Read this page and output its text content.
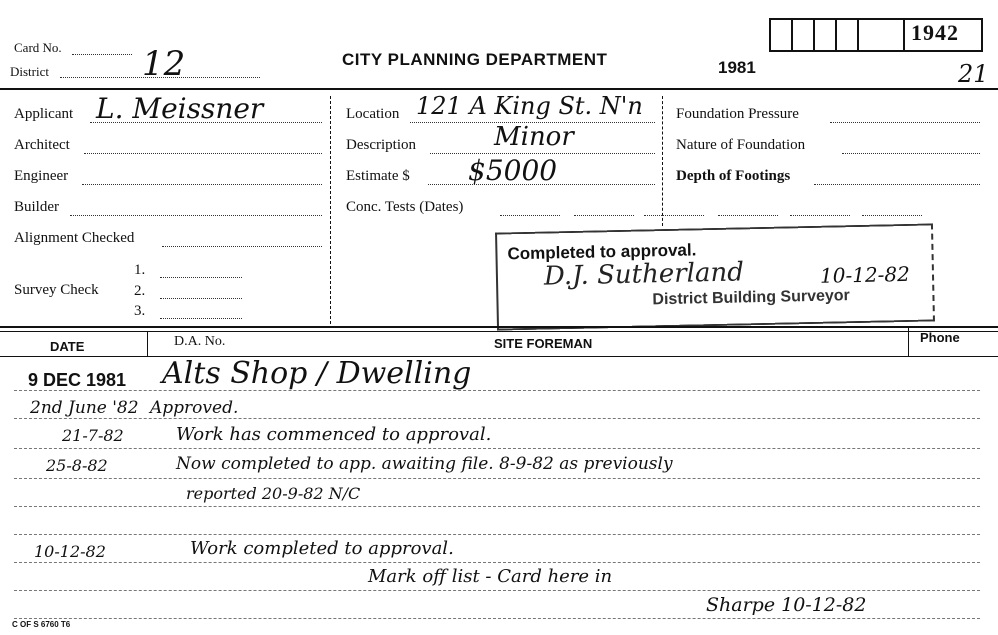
Card No.
District	12	CITY PLANNING DEPARTMENT	1981
1942
21
Applicant L. Meissner
Architect
Engineer
Builder
Alignment Checked
Survey Check
1.
2.
3.
Location 121 A King St. N'n
Description	Minor
Estimate $ $5000
Conc. Tests (Dates)
Foundation Pressure
Nature of Foundation
Depth of Footings
Completed to approval.
D.J. Sutherland	10-12-82
District Building Surveyor
DATE	D.A. No.	SITE FOREMAN	Phone
9 DEC 1981 Alts Shop / Dwelling
2nd June '82 Approved.
21-7-82	Work has commenced to approval.
25-8-82	Now completed to app. awaiting file. 8-9-82 as previously
reported 20-9-82 N/C
10-12-82	Work completed to approval.
Mark off list - Card here in
Sharpe 10-12-82
C OF S 6760 T6
